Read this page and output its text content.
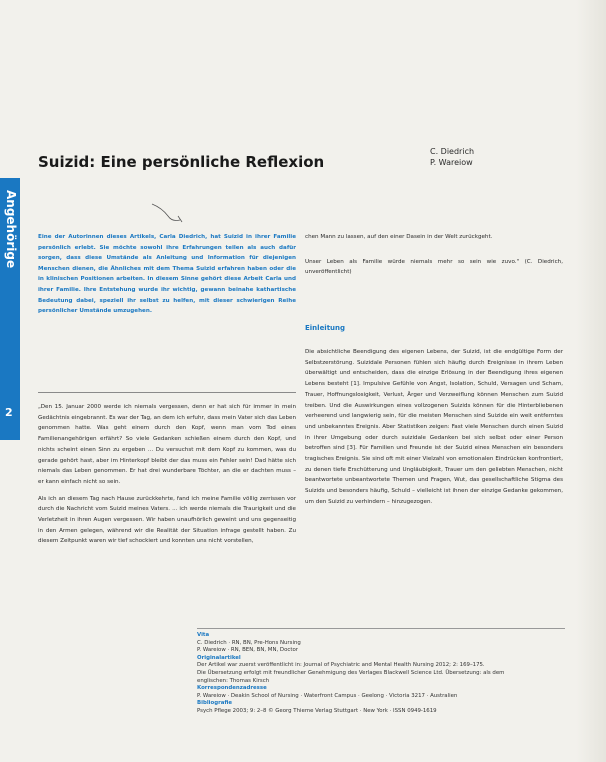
Angehörige
2
Suizid: Eine persönliche Reflexion
C. Diedrich
P. Wareiow
Eine der Autorinnen dieses Artikels, Carla Diedrich, hat Suizid in ihrer Familie persönlich erlebt. Sie möchte sowohl ihre Erfahrungen teilen als auch dafür sorgen, dass diese Umstände als Anleitung und Information für diejenigen Menschen dienen, die Ähnliches mit dem Thema Suizid erfahren haben oder die in klinischen Positionen arbeiten. In diesem Sinne gehört diese Arbeit Carla und ihrer Familie. Ihre Entstehung wurde ihr wichtig, gewann beinahe kathartische Bedeutung dabei, speziell ihr selbst zu helfen, mit dieser schwierigen Reihe persönlicher Umstände umzugehen.

chen Mann zu lassen, auf den einer Dasein in der Welt zurückgeht.

Unser Leben als Familie würde niemals mehr so sein wie zuvo." (C. Diedrich, unveröffentlicht)

Einleitung
Die absichtliche Beendigung des eigenen Lebens, der Suizid, ist die endgültige Form der Selbstzerstörung. Suizidale Personen fühlen sich häufig durch Ereignisse in ihrem Leben überwältigt und entscheiden, dass die einzige Erlösung in der Beendigung ihres eigenen Lebens besteht [1]. Impulsive Gefühle von Angst, Isolation, Schuld, Versagen und Scham, Trauer, Hoffnungslosigkeit, Verlust, Ärger und Verzweiflung können Menschen zum Suizid treiben. Und die Auswirkungen eines vollzogenen Suizids können für die Hinterbliebenen verheerend und langwierig sein, für die meisten Menschen sind Suizide ein weit entferntes und unbekanntes Ereignis. Aber Statistiken zeigen: Fast viele Menschen durch einen Suizid in ihrer Umgebung oder durch suizidale Gedanken bei sich selbst oder einer Person betroffen sind [3]. Für Familien und Freunde ist der Suizid eines Menschen ein besonders tragisches Ereignis. Sie sind oft mit einer Vielzahl von emotionalen Eindrücken konfrontiert, zu denen tiefe Erschütterung und Ungläubigkeit, Trauer um den geliebten Menschen, nicht beantwortete unbeantwortete Themen und Fragen, Wut, das gesellschaftliche Stigma des Suizids und besonders häufig, Schuld – vielleicht ist ihnen der einzige Gedanke gekommen, um den Suizid zu verhindern – hinzugezogen.

„Den 15. Januar 2000 werde ich niemals vergessen, denn er hat sich für immer in mein Gedächtnis eingebrannt. Es war der Tag, an dem ich erfuhr, dass mein Vater sich das Leben genommen hatte. Was geht einem durch den Kopf, wenn man vom Tod eines Familienangehörigen erfährt? So viele Gedanken schießen einem durch den Kopf, und nichts scheint einen Sinn zu ergeben ... Du versuchst mit dem Kopf zu kommen, was du gerade gehört hast, aber im Hinterkopf bleibt der das muss ein Fehler sein! Dad hätte sich niemals das Leben genommen. Er hat drei wunderbare Töchter, an die er dachten muss – er kann einfach nicht so sein.

Als ich an diesem Tag nach Hause zurückkehrte, fand ich meine Familie völlig zerrissen vor durch die Nachricht vom Suizid meines Vaters. ... ich werde niemals die Traurigkeit und die Verletzheit in ihren Augen vergessen. Wir haben unaufhörlich geweint und uns gegenseitig in den Armen gelegen, während wir die Realität der Situation infrage gestellt haben. Zu diesem Zeitpunkt waren wir tief schockiert und konnten uns nicht vorstellen,

Vita
C. Diedrich · RN, BN, Pre-Hons Nursing
P. Wareiow · RN, BEN, BN, MN, Doctor
Originalartikel
Der Artikel war zuerst veröffentlicht in: Journal of Psychiatric and Mental Health Nursing 2012; 2: 169–175.
Die Übersetzung erfolgt mit freundlicher Genehmigung des Verlages Blackwell Science Ltd. Übersetzung: als dem
englischen: Thomas Kirsch
Korrespondenzadresse
P. Wareiow · Deakin School of Nursing · Waterfront Campus · Geelong · Victoria 3217 · Australien
Bibliografie
Psych Pflege 2003; 9: 2–8 © Georg Thieme Verlag Stuttgart · New York · ISSN 0949-1619
